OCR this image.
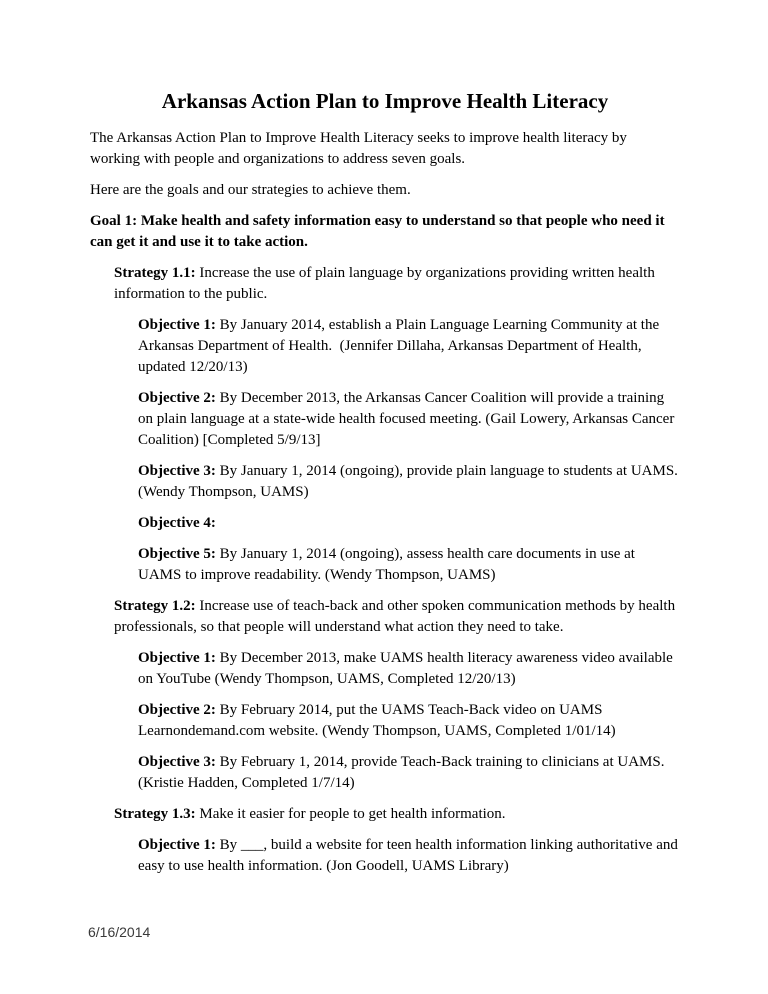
Arkansas Action Plan to Improve Health Literacy

The Arkansas Action Plan to Improve Health Literacy seeks to improve health literacy by working with people and organizations to address seven goals.

Here are the goals and our strategies to achieve them.

Goal 1: Make health and safety information easy to understand so that people who need it can get it and use it to take action.

Strategy 1.1: Increase the use of plain language by organizations providing written health information to the public.

Objective 1: By January 2014, establish a Plain Language Learning Community at the Arkansas Department of Health.  (Jennifer Dillaha, Arkansas Department of Health, updated 12/20/13)

Objective 2: By December 2013, the Arkansas Cancer Coalition will provide a training on plain language at a state-wide health focused meeting. (Gail Lowery, Arkansas Cancer Coalition) [Completed 5/9/13]

Objective 3: By January 1, 2014 (ongoing), provide plain language to students at UAMS. (Wendy Thompson, UAMS)

Objective 4:

Objective 5: By January 1, 2014 (ongoing), assess health care documents in use at UAMS to improve readability. (Wendy Thompson, UAMS)

Strategy 1.2: Increase use of teach-back and other spoken communication methods by health professionals, so that people will understand what action they need to take.

Objective 1: By December 2013, make UAMS health literacy awareness video available on YouTube (Wendy Thompson, UAMS, Completed 12/20/13)

Objective 2: By February 2014, put the UAMS Teach-Back video on UAMS Learnondemand.com website. (Wendy Thompson, UAMS, Completed 1/01/14)

Objective 3: By February 1, 2014, provide Teach-Back training to clinicians at UAMS. (Kristie Hadden, Completed 1/7/14)

Strategy 1.3: Make it easier for people to get health information.

Objective 1: By ___, build a website for teen health information linking authoritative and easy to use health information. (Jon Goodell, UAMS Library)

6/16/2014
